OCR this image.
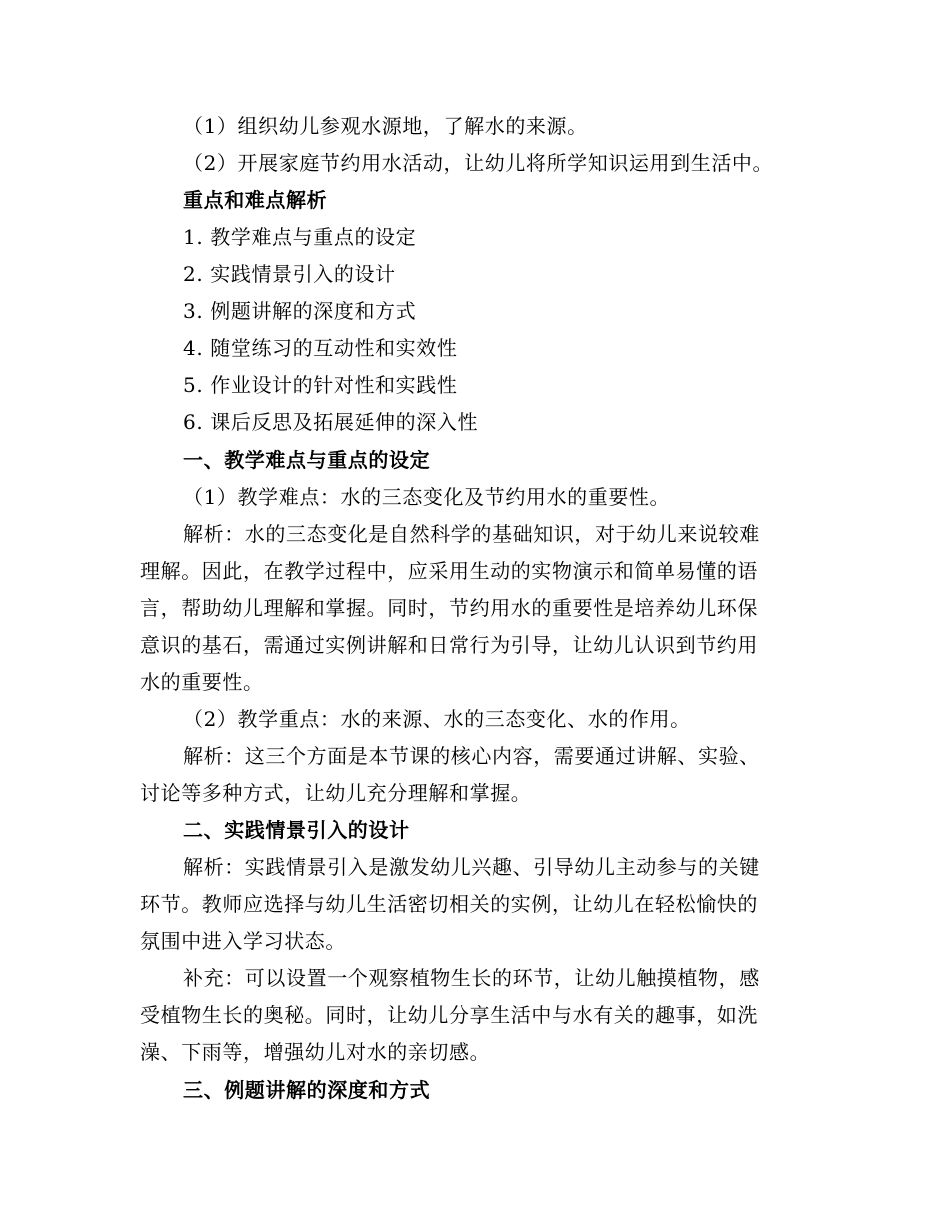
（1）组织幼儿参观水源地，了解水的来源。
（2）开展家庭节约用水活动，让幼儿将所学知识运用到生活中。
重点和难点解析
1. 教学难点与重点的设定
2. 实践情景引入的设计
3. 例题讲解的深度和方式
4. 随堂练习的互动性和实效性
5. 作业设计的针对性和实践性
6. 课后反思及拓展延伸的深入性
一、教学难点与重点的设定
（1）教学难点：水的三态变化及节约用水的重要性。
解析：水的三态变化是自然科学的基础知识，对于幼儿来说较难
理解。因此，在教学过程中，应采用生动的实物演示和简单易懂的语
言，帮助幼儿理解和掌握。同时，节约用水的重要性是培养幼儿环保
意识的基石，需通过实例讲解和日常行为引导，让幼儿认识到节约用
水的重要性。
（2）教学重点：水的来源、水的三态变化、水的作用。
解析：这三个方面是本节课的核心内容，需要通过讲解、实验、
讨论等多种方式，让幼儿充分理解和掌握。
二、实践情景引入的设计
解析：实践情景引入是激发幼儿兴趣、引导幼儿主动参与的关键
环节。教师应选择与幼儿生活密切相关的实例，让幼儿在轻松愉快的
氛围中进入学习状态。
补充：可以设置一个观察植物生长的环节，让幼儿触摸植物，感
受植物生长的奥秘。同时，让幼儿分享生活中与水有关的趣事，如洗
澡、下雨等，增强幼儿对水的亲切感。
三、例题讲解的深度和方式
